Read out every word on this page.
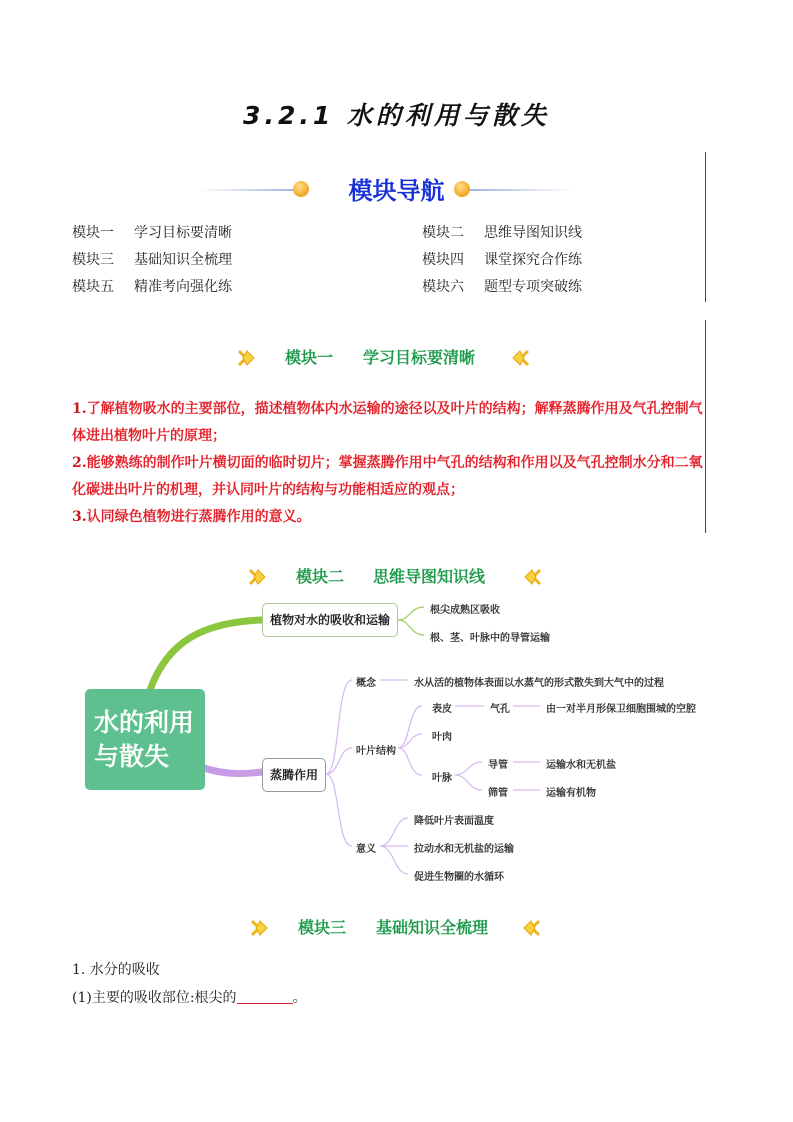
3.2.1 水的利用与散失
模块导航
模块一 学习目标要清晰	模块二 思维导图知识线
模块三 基础知识全梳理	模块四 课堂探究合作练
模块五 精准考向强化练	模块六 题型专项突破练
模块一 学习目标要清晰

1.了解植物吸水的主要部位，描述植物体内水运输的途径以及叶片的结构；解释蒸腾作用及气孔控制气体进出植物叶片的原理；

2.能够熟练的制作叶片横切面的临时切片；掌握蒸腾作用中气孔的结构和作用以及气孔控制水分和二氧化碳进出叶片的机理，并认同叶片的结构与功能相适应的观点；

3.认同绿色植物进行蒸腾作用的意义。

模块二 思维导图知识线
水的利用
与散失
植物对水的吸收和运输
根尖成熟区吸收
根、茎、叶脉中的导管运输
蒸腾作用
概念	水从活的植物体表面以水蒸气的形式散失到大气中的过程
叶片结构
表皮	气孔	由一对半月形保卫细胞围城的空腔
叶肉
叶脉
导管	运输水和无机盐
筛管	运输有机物
意义
降低叶片表面温度
拉动水和无机盐的运输
促进生物圈的水循环
模块三 基础知识全梳理
1. 水分的吸收
(1)主要的吸收部位:根尖的	。
